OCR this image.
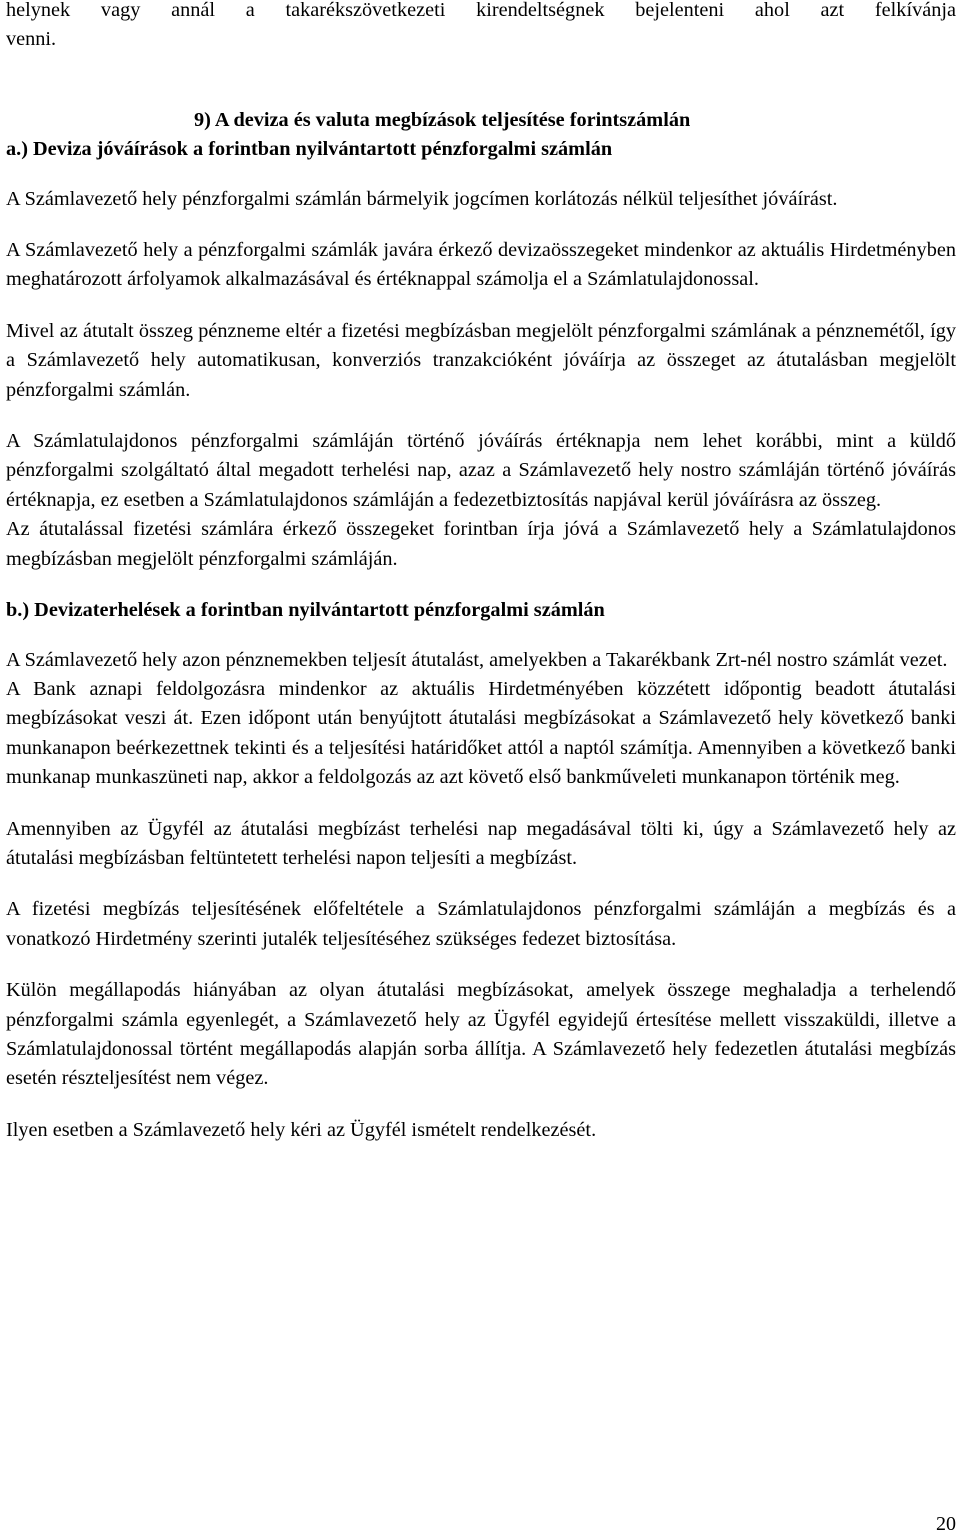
helynek vagy annál a takarékszövetkezeti kirendeltségnek bejelenteni ahol azt felkívánja

venni.

9) A deviza és valuta megbízások teljesítése forintszámlán

a.) Deviza jóváírások a forintban nyilvántartott pénzforgalmi számlán

A Számlavezető hely pénzforgalmi számlán bármelyik jogcímen korlátozás nélkül teljesíthet jóváírást.

A Számlavezető hely a pénzforgalmi számlák javára érkező devizaösszegeket mindenkor az aktuális Hirdetményben meghatározott árfolyamok alkalmazásával és értéknappal számolja el a Számlatulajdonossal.

Mivel az átutalt összeg pénzneme eltér a fizetési megbízásban megjelölt pénzforgalmi számlának a pénznemétől, így a Számlavezető hely automatikusan, konverziós tranzakcióként jóváírja az összeget az átutalásban megjelölt pénzforgalmi számlán.

A Számlatulajdonos pénzforgalmi számláján történő jóváírás értéknapja nem lehet korábbi, mint a küldő pénzforgalmi szolgáltató által megadott terhelési nap, azaz a Számlavezető hely nostro számláján történő jóváírás értéknapja, ez esetben a Számlatulajdonos számláján a fedezetbiztosítás napjával kerül jóváírásra az összeg.

Az átutalással fizetési számlára érkező összegeket forintban írja jóvá a Számlavezető hely a Számlatulajdonos megbízásban megjelölt pénzforgalmi számláján.

b.) Devizaterhelések a forintban nyilvántartott pénzforgalmi számlán

A Számlavezető hely azon pénznemekben teljesít átutalást, amelyekben a Takarékbank Zrt-nél nostro számlát vezet.

A Bank aznapi feldolgozásra mindenkor az aktuális Hirdetményében közzétett időpontig beadott átutalási megbízásokat veszi át. Ezen időpont után benyújtott átutalási megbízásokat a Számlavezető hely következő banki munkanapon beérkezettnek tekinti és a teljesítési határidőket attól a naptól számítja. Amennyiben a következő banki munkanap munkaszüneti nap, akkor a feldolgozás az azt követő első bankműveleti munkanapon történik meg.

Amennyiben az Ügyfél az átutalási megbízást terhelési nap megadásával tölti ki, úgy a Számlavezető hely az átutalási megbízásban feltüntetett terhelési napon teljesíti a megbízást.

A fizetési megbízás teljesítésének előfeltétele a Számlatulajdonos pénzforgalmi számláján a megbízás és a vonatkozó Hirdetmény szerinti jutalék teljesítéséhez szükséges fedezet biztosítása.

Külön megállapodás hiányában az olyan átutalási megbízásokat, amelyek összege meghaladja a terhelendő pénzforgalmi számla egyenlegét, a Számlavezető hely az Ügyfél egyidejű értesítése mellett visszaküldi, illetve a Számlatulajdonossal történt megállapodás alapján sorba állítja. A Számlavezető hely fedezetlen átutalási megbízás esetén részteljesítést nem végez.

Ilyen esetben a Számlavezető hely kéri az Ügyfél ismételt rendelkezését.

20
